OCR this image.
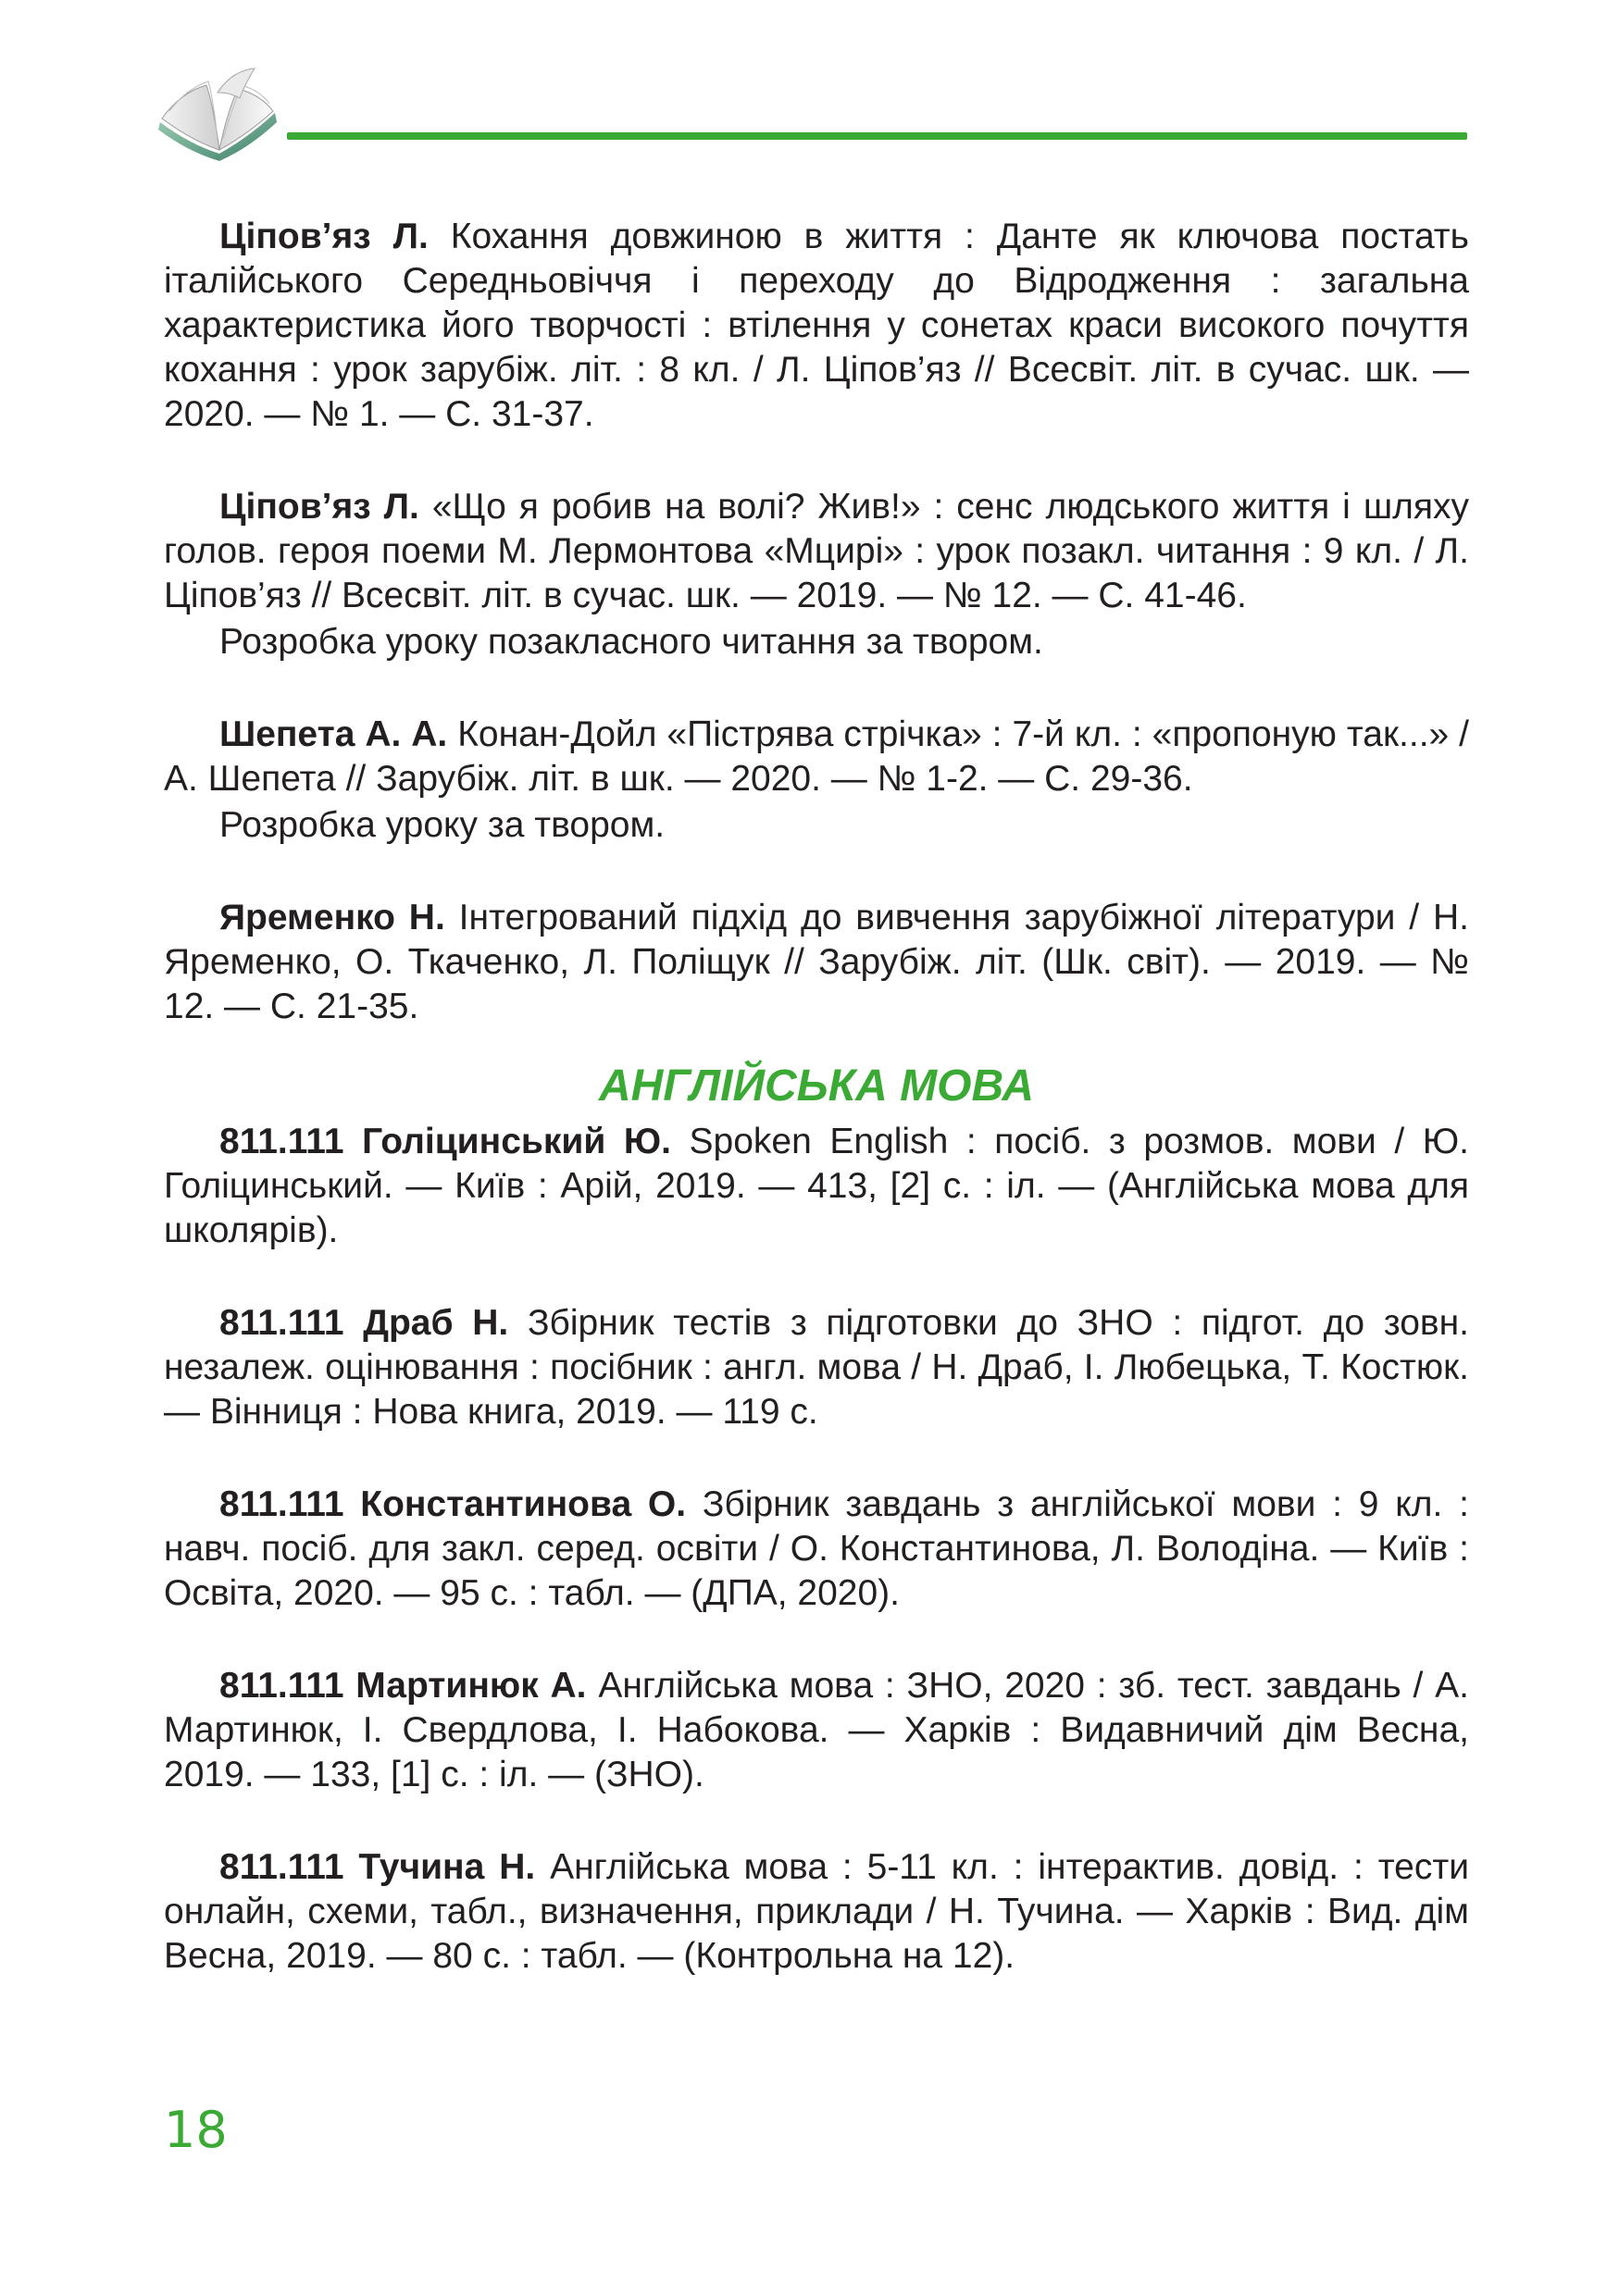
Ціпов’яз Л. Кохання довжиною в життя : Данте як ключова постать італійського Середньовіччя і переходу до Відродження : загальна характеристика його творчості : втілення у сонетах краси високого почуття кохання : урок зарубіж. літ. : 8 кл. / Л. Ціпов’яз // Всесвіт. літ. в сучас. шк. — 2020. — № 1. — С. 31-37.

Ціпов’яз Л. «Що я робив на волі? Жив!» : сенс людського життя і шляху голов. героя поеми М. Лермонтова «Мцирі» : урок позакл. читання : 9 кл. / Л. Ціпов’яз // Всесвіт. літ. в сучас. шк. — 2019. — № 12. — С. 41-46.

Розробка уроку позакласного читання за твором.

Шепета А. А. Конан-Дойл «Пістрява стрічка» : 7-й кл. : «пропоную так...» / А. Шепета // Зарубіж. літ. в шк. — 2020. — № 1-2. — С. 29-36.

Розробка уроку за твором.

Яременко Н. Інтегрований підхід до вивчення зарубіжної літератури / Н. Яременко, О. Ткаченко, Л. Поліщук // Зарубіж. літ. (Шк. світ). — 2019. — № 12. — С. 21-35.

АНГЛІЙСЬКА МОВА

811.111 Голіцинський Ю. Spoken English : посіб. з розмов. мови / Ю. Голіцинський. — Київ : Арій, 2019. — 413, [2] с. : іл. — (Англійська мова для школярів).

811.111 Драб Н. Збірник тестів з підготовки до ЗНО : підгот. до зовн. незалеж. оцінювання : посібник : англ. мова / Н. Драб, І. Любецька, Т. Костюк. — Вінниця : Нова книга, 2019. — 119 с.

811.111 Константинова О. Збірник завдань з англійської мови : 9 кл. : навч. посіб. для закл. серед. освіти / О. Константинова, Л. Володіна. — Київ : Освіта, 2020. — 95 с. : табл. — (ДПА, 2020).

811.111 Мартинюк А. Англійська мова : ЗНО, 2020 : зб. тест. завдань / А. Мартинюк, І. Свердлова, І. Набокова. — Харків : Видавничий дім Весна, 2019. — 133, [1] с. : іл. — (ЗНО).

811.111 Тучина Н. Англійська мова : 5-11 кл. : інтерактив. довід. : тести онлайн, схеми, табл., визначення, приклади / Н. Тучина. — Харків : Вид. дім Весна, 2019. — 80 с. : табл. — (Контрольна на 12).

18
